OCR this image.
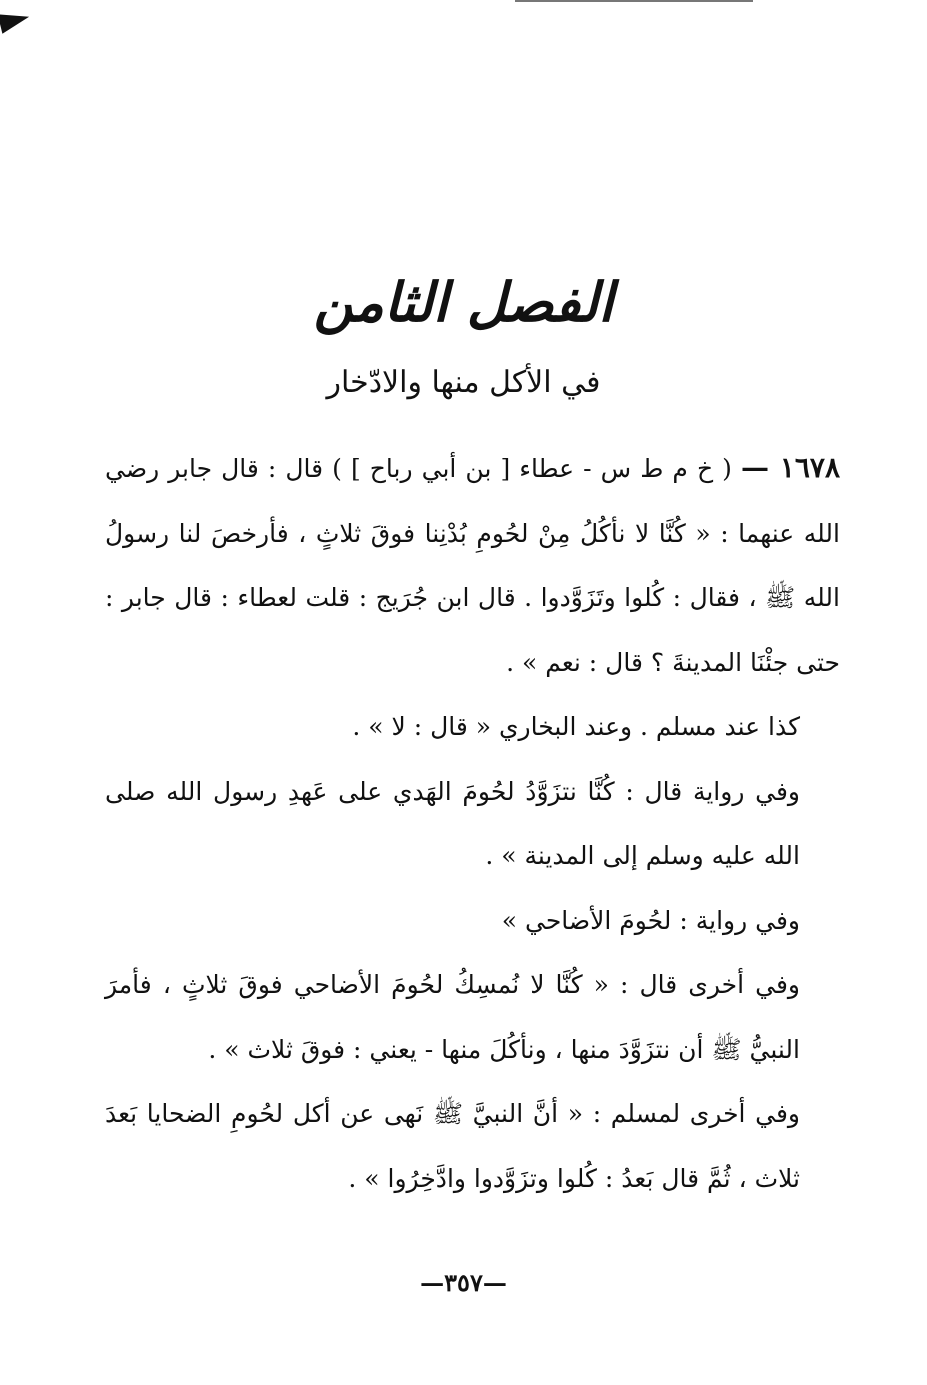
الفصل الثامن
في الأكل منها والادّخار

١٦٧٨ — ( خ م ط س - عطاء [ بن أبي رباح ] ) قال : قال جابر رضي الله عنهما : « كُنَّا لا نأكُلُ مِنْ لحُومِ بُدْنِنا فوقَ ثلاثٍ ، فأرخصَ لنا رسولُ الله ﷺ ، فقال : كُلوا وتَزَوَّدوا . قال ابن جُرَيج : قلت لعطاء : قال جابر : حتى جئْنَا المدينةَ ؟ قال : نعم » .

كذا عند مسلم . وعند البخاري « قال : لا » .

وفي رواية قال : كُنَّا نتزَوَّدُ لحُومَ الهَدي على عَهدِ رسول الله صلى الله عليه وسلم إلى المدينة » .

وفي رواية : لحُومَ الأضاحي »

وفي أخرى قال : « كُنَّا لا نُمسِكُ لحُومَ الأضاحي فوقَ ثلاثٍ ، فأمرَ النبيُّ ﷺ أن نتزَوَّدَ منها ، ونأكُلَ منها - يعني : فوقَ ثلاث » .

وفي أخرى لمسلم : « أنَّ النبيَّ ﷺ نَهى عن أكل لحُومِ الضحايا بَعدَ ثلاث ، ثُمَّ قال بَعدُ : كُلوا وتزَوَّدوا وادَّخِرُوا » .

—٣٥٧—
